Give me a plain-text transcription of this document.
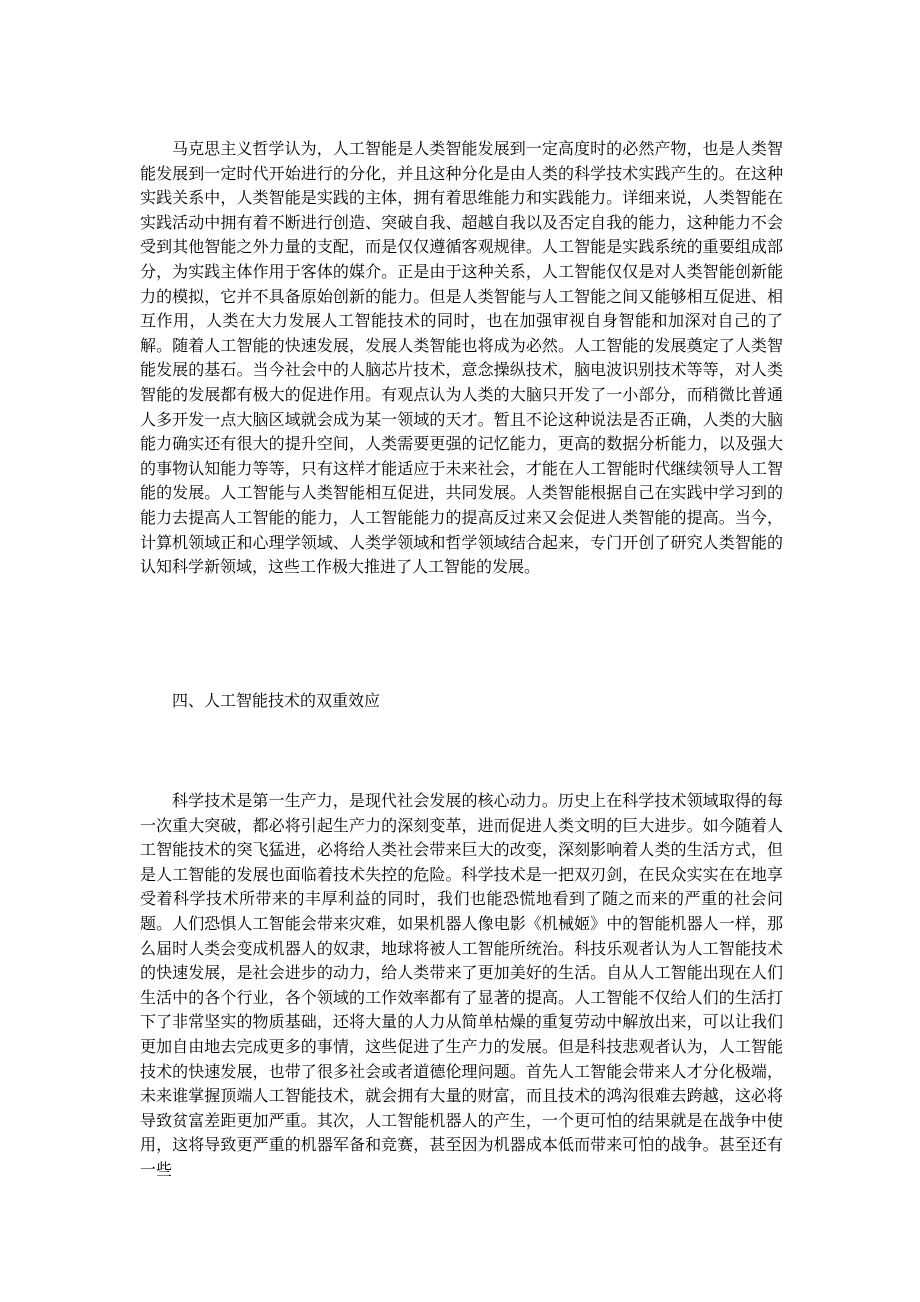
马克思主义哲学认为，人工智能是人类智能发展到一定高度时的必然产物，也是人类智能发展到一定时代开始进行的分化，并且这种分化是由人类的科学技术实践产生的。在这种实践关系中，人类智能是实践的主体，拥有着思维能力和实践能力。详细来说，人类智能在实践活动中拥有着不断进行创造、突破自我、超越自我以及否定自我的能力，这种能力不会受到其他智能之外力量的支配，而是仅仅遵循客观规律。人工智能是实践系统的重要组成部分，为实践主体作用于客体的媒介。正是由于这种关系，人工智能仅仅是对人类智能创新能力的模拟，它并不具备原始创新的能力。但是人类智能与人工智能之间又能够相互促进、相互作用，人类在大力发展人工智能技术的同时，也在加强审视自身智能和加深对自己的了解。随着人工智能的快速发展，发展人类智能也将成为必然。人工智能的发展奠定了人类智能发展的基石。当今社会中的人脑芯片技术，意念操纵技术，脑电波识别技术等等，对人类智能的发展都有极大的促进作用。有观点认为人类的大脑只开发了一小部分，而稍微比普通人多开发一点大脑区域就会成为某一领域的天才。暂且不论这种说法是否正确，人类的大脑能力确实还有很大的提升空间，人类需要更强的记忆能力，更高的数据分析能力，以及强大的事物认知能力等等，只有这样才能适应于未来社会，才能在人工智能时代继续领导人工智能的发展。人工智能与人类智能相互促进，共同发展。人类智能根据自己在实践中学习到的能力去提高人工智能的能力，人工智能能力的提高反过来又会促进人类智能的提高。当今，计算机领域正和心理学领域、人类学领域和哲学领域结合起来，专门开创了研究人类智能的认知科学新领域，这些工作极大推进了人工智能的发展。

四、人工智能技术的双重效应

科学技术是第一生产力，是现代社会发展的核心动力。历史上在科学技术领域取得的每一次重大突破，都必将引起生产力的深刻变革，进而促进人类文明的巨大进步。如今随着人工智能技术的突飞猛进，必将给人类社会带来巨大的改变，深刻影响着人类的生活方式，但是人工智能的发展也面临着技术失控的危险。科学技术是一把双刃剑，在民众实实在在地享受着科学技术所带来的丰厚利益的同时，我们也能恐慌地看到了随之而来的严重的社会问题。人们恐惧人工智能会带来灾难，如果机器人像电影《机械姬》中的智能机器人一样，那么届时人类会变成机器人的奴隶，地球将被人工智能所统治。科技乐观者认为人工智能技术的快速发展，是社会进步的动力，给人类带来了更加美好的生活。自从人工智能出现在人们生活中的各个行业，各个领域的工作效率都有了显著的提高。人工智能不仅给人们的生活打下了非常坚实的物质基础，还将大量的人力从简单枯燥的重复劳动中解放出来，可以让我们更加自由地去完成更多的事情，这些促进了生产力的发展。但是科技悲观者认为，人工智能技术的快速发展，也带了很多社会或者道德伦理问题。首先人工智能会带来人才分化极端，未来谁掌握顶端人工智能技术，就会拥有大量的财富，而且技术的鸿沟很难去跨越，这必将导致贫富差距更加严重。其次，人工智能机器人的产生，一个更可怕的结果就是在战争中使用，这将导致更严重的机器军备和竞赛，甚至因为机器成本低而带来可怕的战争。甚至还有一些
